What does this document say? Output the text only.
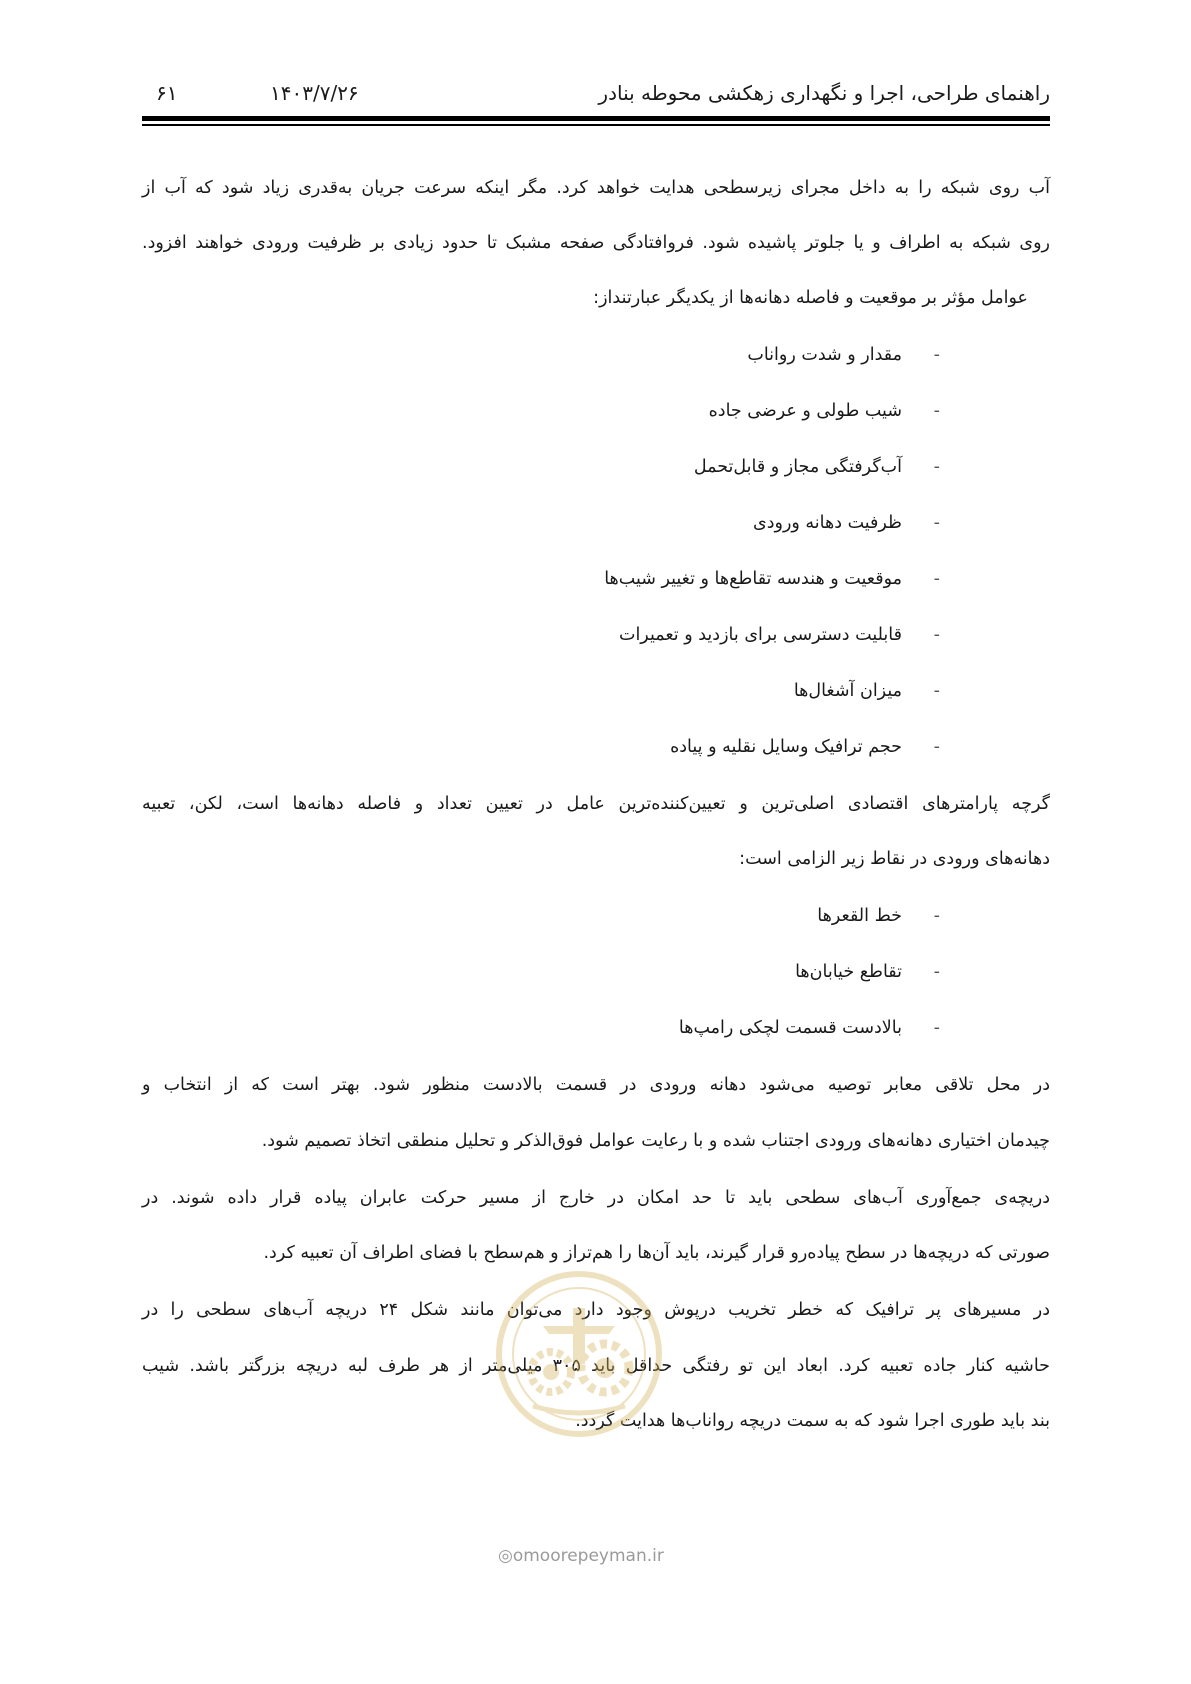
راهنمای طراحی، اجرا و نگهداری زهکشی محوطه بنادر
۱۴۰۳/۷/۲۶
۶۱
آب روی شبکه را به داخل مجرای زیرسطحی هدایت خواهد کرد. مگر اینکه سرعت جریان به‌قدری زیاد شود که آب از
روی شبکه به اطراف و یا جلوتر پاشیده شود. فروافتادگی صفحه مشبک تا حدود زیادی بر ظرفیت ورودی خواهند افزود.
عوامل مؤثر بر موقعیت و فاصله دهانه‌ها از یکدیگر عبارتنداز:
-مقدار و شدت رواناب
-شیب طولی و عرضی جاده
-آب‌گرفتگی مجاز و قابل‌تحمل
-ظرفیت دهانه ورودی
-موقعیت و هندسه تقاطع‌ها و تغییر شیب‌ها
-قابلیت دسترسی برای بازدید و تعمیرات
-میزان آشغال‌ها
-حجم ترافیک وسایل نقلیه و پیاده
گرچه پارامترهای اقتصادی اصلی‌ترین و تعیین‌کننده‌ترین عامل در تعیین تعداد و فاصله دهانه‌ها است، لکن، تعبیه
دهانه‌های ورودی در نقاط زیر الزامی است:
-خط القعرها
-تقاطع خیابان‌ها
-بالادست قسمت لچکی رامپ‌ها
در محل تلاقی معابر توصیه می‌شود دهانه ورودی در قسمت بالادست منظور شود. بهتر است که از انتخاب و
چیدمان اختیاری دهانه‌های ورودی اجتناب شده و با رعایت عوامل فوق‌الذکر و تحلیل منطقی اتخاذ تصمیم شود.
دریچه‌ی جمع‌آوری آب‌های سطحی باید تا حد امکان در خارج از مسیر حرکت عابران پیاده قرار داده شوند. در
صورتی که دریچه‌ها در سطح پیاده‌رو قرار گیرند، باید آن‌ها را هم‌تراز و هم‌سطح با فضای اطراف آن تعبیه کرد.
در مسیرهای پر ترافیک که خطر تخریب درپوش وجود دارد می‌توان مانند شکل ۲۴ دریچه آب‌های سطحی را در
حاشیه کنار جاده تعبیه کرد. ابعاد این تو رفتگی حداقل باید ۳۰۵ میلی‌متر از هر طرف لبه دریچه بزرگتر باشد. شیب
بند باید طوری اجرا شود که به سمت دریچه رواناب‌ها هدایت گردد.
◎omoorepeyman.ir
